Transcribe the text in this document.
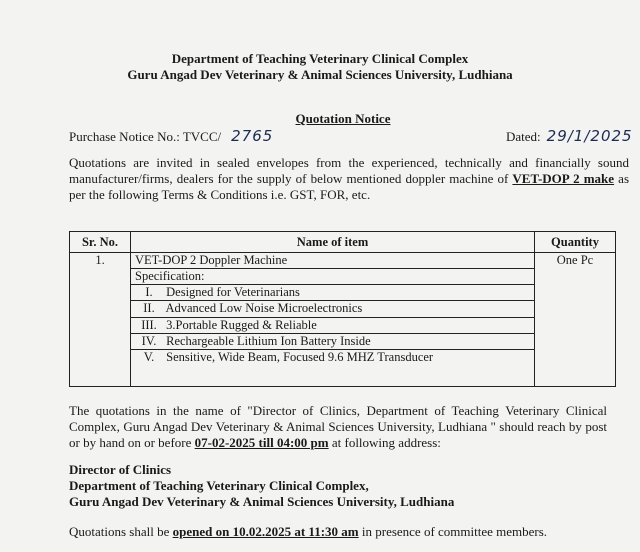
Department of Teaching Veterinary Clinical Complex
Guru Angad Dev Veterinary & Animal Sciences University, Ludhiana
Quotation Notice
Purchase Notice No.: TVCC/ 2765	Dated: 29/1/2025
Quotations are invited in sealed envelopes from the experienced, technically and financially sound manufacturer/firms, dealers for the supply of below mentioned doppler machine of VET-DOP 2 make as per the following Terms & Conditions i.e. GST, FOR, etc.
Sr. No.	Name of item	Quantity
1.	VET-DOP 2 Doppler Machine	One Pc
	Specification:	
	I. Designed for Veterinarians	
	II. Advanced Low Noise Microelectronics	
	III. 3.Portable Rugged & Reliable	
	IV. Rechargeable Lithium Ion Battery Inside	
	V. Sensitive, Wide Beam, Focused 9.6 MHZ Transducer	
The quotations in the name of "Director of Clinics, Department of Teaching Veterinary Clinical Complex, Guru Angad Dev Veterinary & Animal Sciences University, Ludhiana " should reach by post or by hand on or before 07-02-2025 till 04:00 pm at following address:
Director of Clinics
Department of Teaching Veterinary Clinical Complex,
Guru Angad Dev Veterinary & Animal Sciences University, Ludhiana
Quotations shall be opened on 10.02.2025 at 11:30 am in presence of committee members.
